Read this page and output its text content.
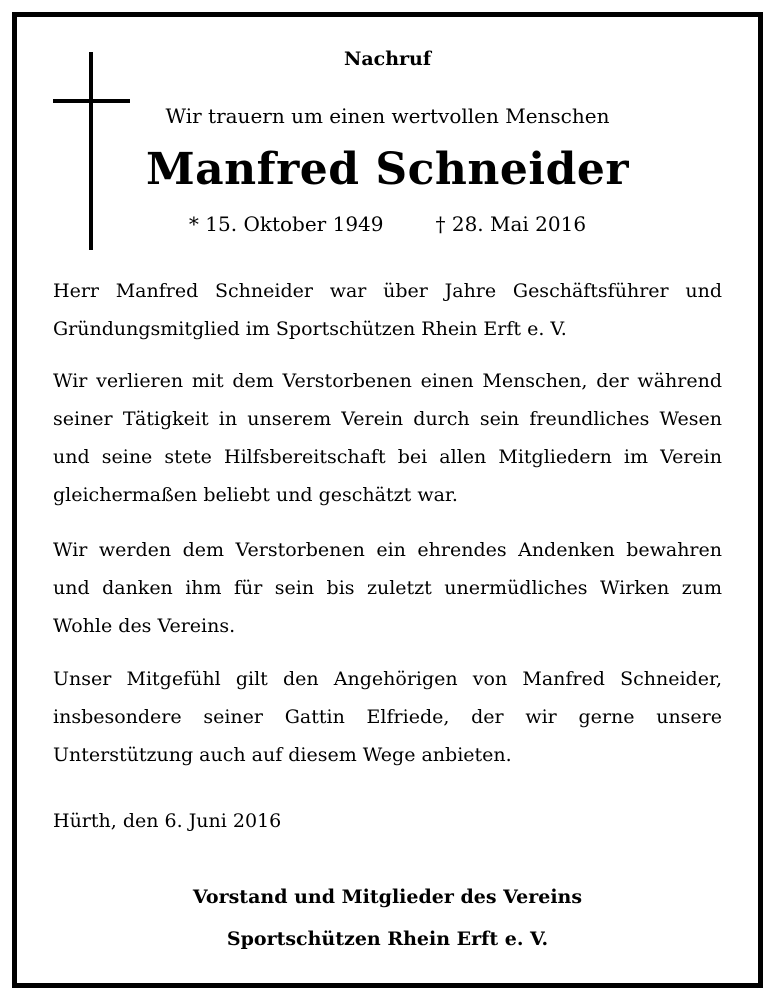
Nachruf
Wir trauern um einen wertvollen Menschen
Manfred Schneider
* 15. Oktober 1949	† 28. Mai 2016

Herr Manfred Schneider war über Jahre Geschäftsführer und Gründungsmitglied im Sportschützen Rhein Erft e. V.

Wir verlieren mit dem Verstorbenen einen Menschen, der während seiner Tätigkeit in unserem Verein durch sein freundliches Wesen und seine stete Hilfsbereitschaft bei allen Mitgliedern im Verein gleichermaßen beliebt und geschätzt war.

Wir werden dem Verstorbenen ein ehrendes Andenken bewahren und danken ihm für sein bis zuletzt unermüdliches Wirken zum Wohle des Vereins.

Unser Mitgefühl gilt den Angehörigen von Manfred Schneider, insbesondere seiner Gattin Elfriede, der wir gerne unsere Unterstützung auch auf diesem Wege anbieten.

Hürth, den 6. Juni 2016
Vorstand und Mitglieder des Vereins
Sportschützen Rhein Erft e. V.
